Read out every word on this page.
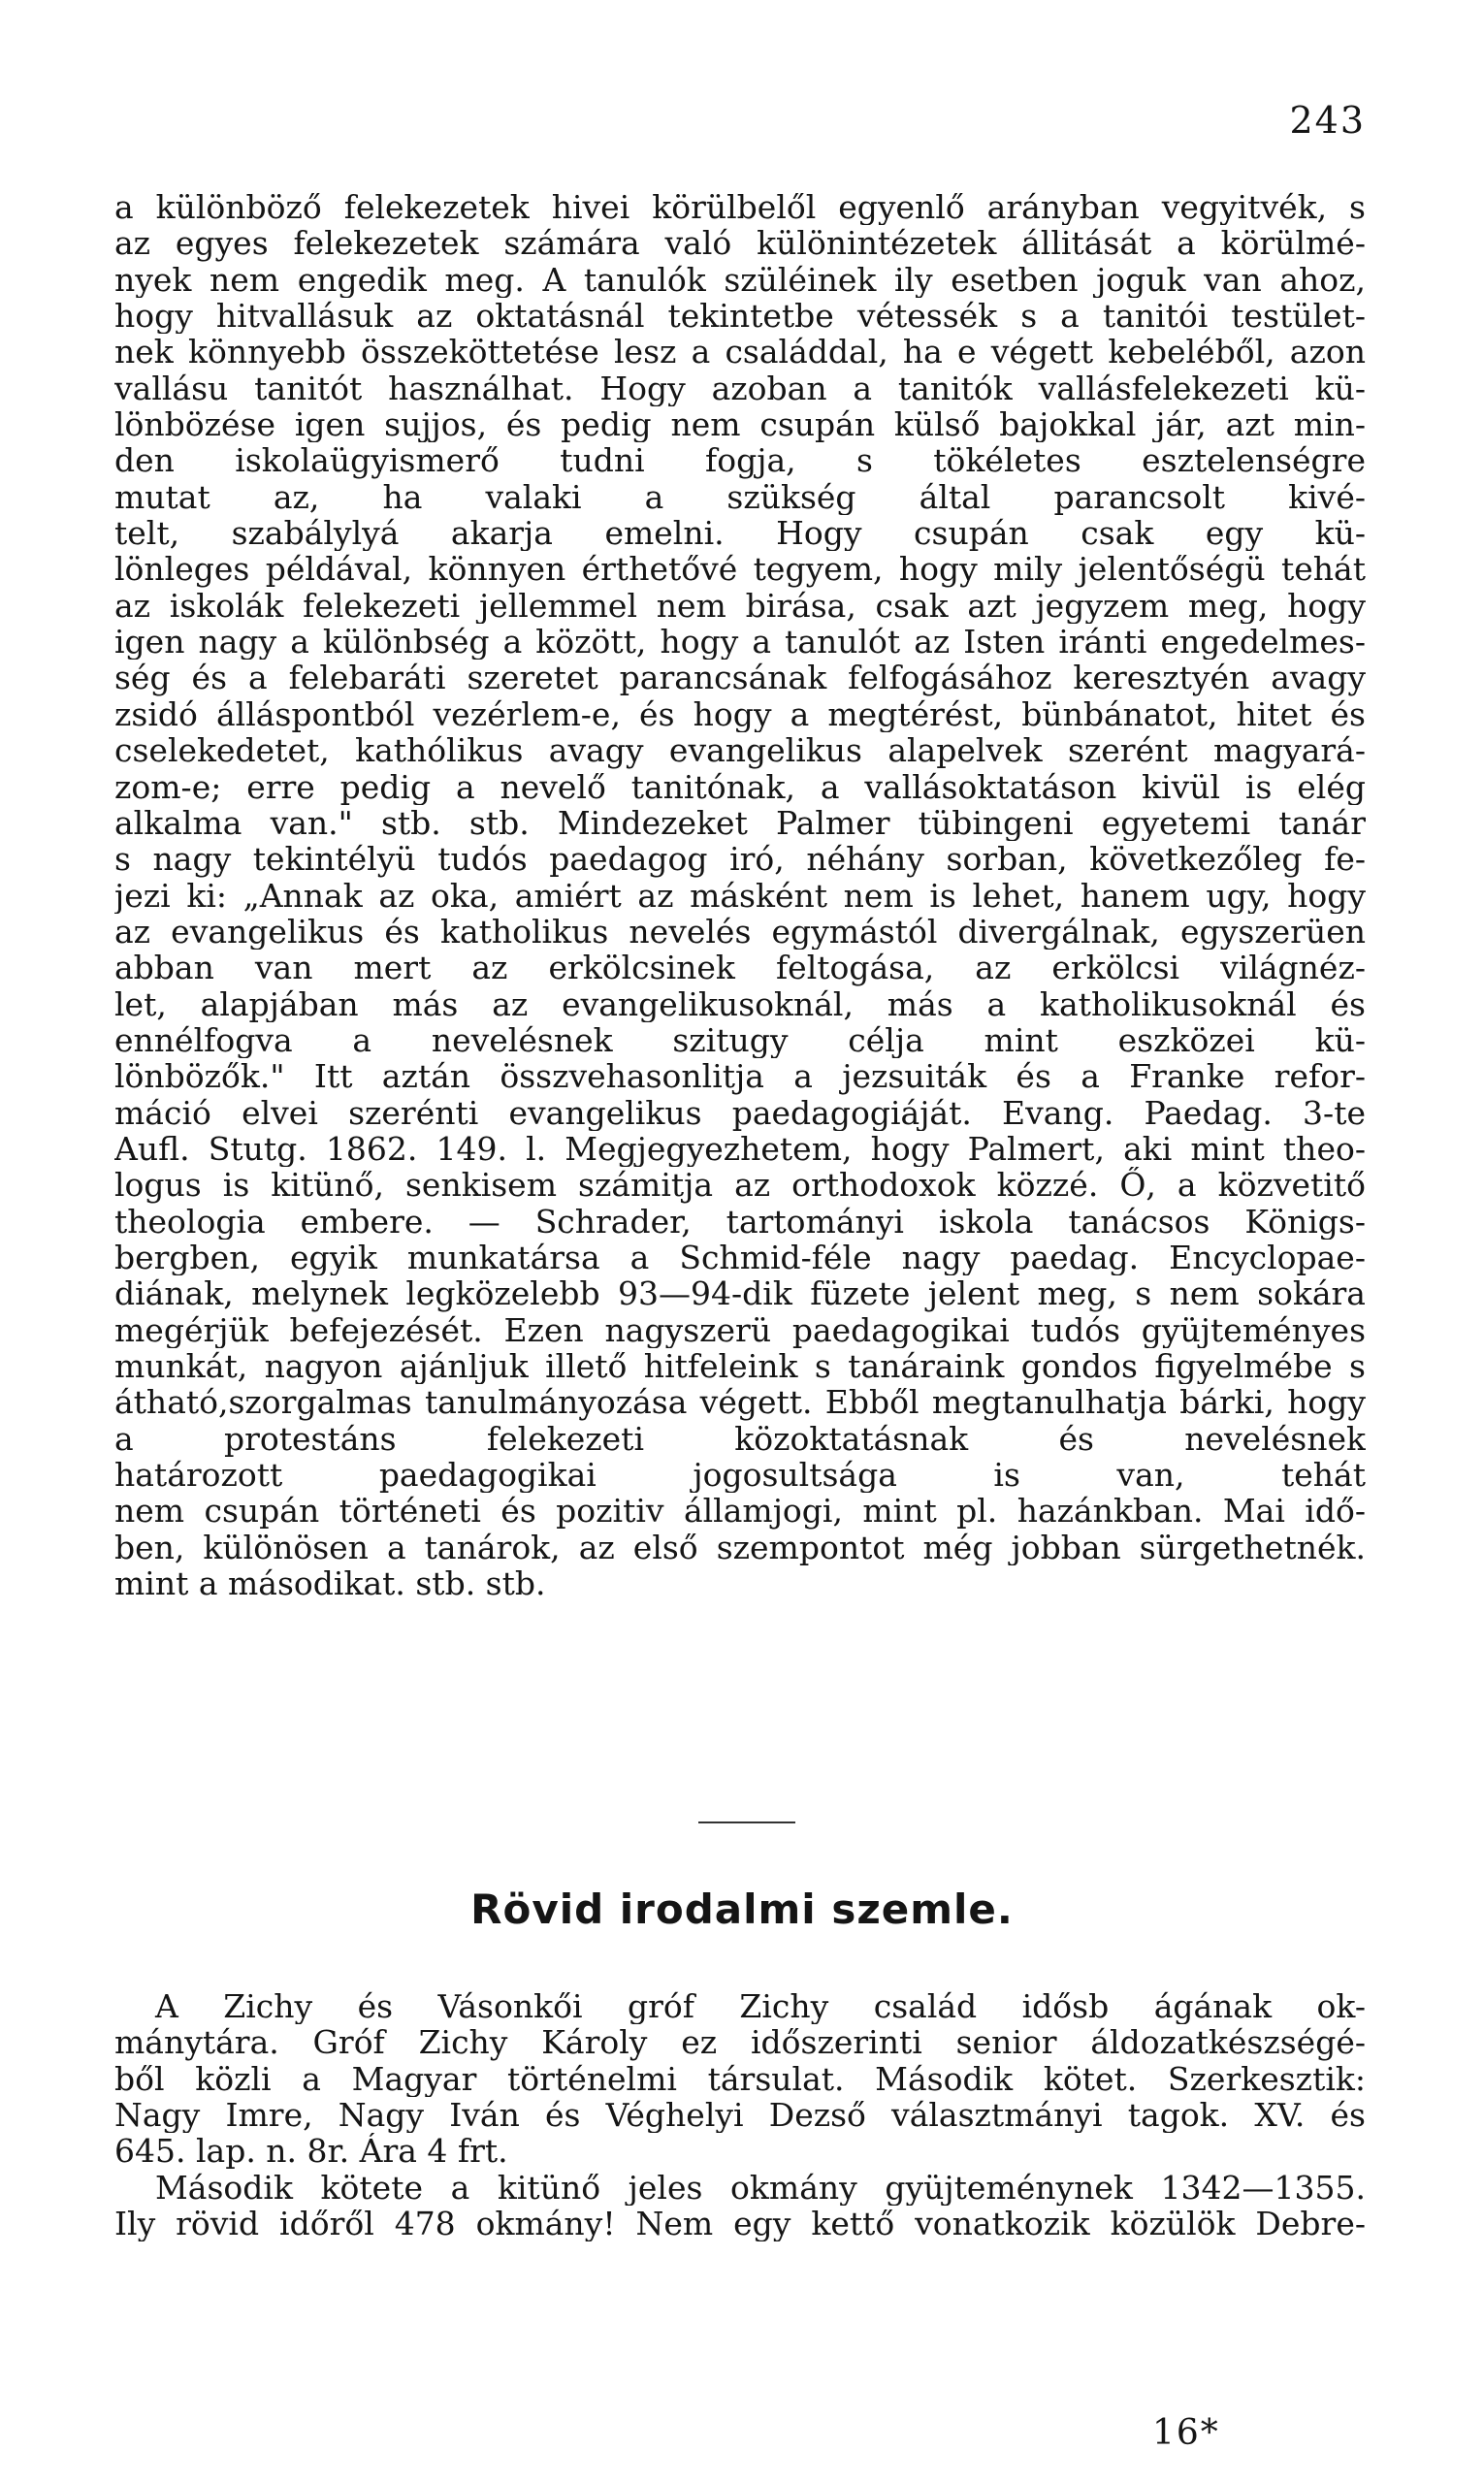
243
a különböző felekezetek hivei körülbelől egyenlő arányban vegyitvék, s
az egyes felekezetek számára való különintézetek állitását a körülmé-
nyek nem engedik meg. A tanulók szüléinek ily esetben joguk van ahoz,
hogy hitvallásuk az oktatásnál tekintetbe vétessék s a tanitói testület-
nek könnyebb összeköttetése lesz a családdal, ha e végett kebeléből, azon
vallásu tanitót használhat. Hogy azoban a tanitók vallásfelekezeti kü-
lönbözése igen sujjos, és pedig nem csupán külső bajokkal jár, azt min-
den iskolaügyismerő tudni fogja, s tökéletes esztelenségre
mutat az, ha valaki a szükség által parancsolt kivé-
telt, szabálylyá akarja emelni. Hogy csupán csak egy kü-
lönleges példával, könnyen érthetővé tegyem, hogy mily jelentőségü tehát
az iskolák felekezeti jellemmel nem birása, csak azt jegyzem meg, hogy
igen nagy a különbség a között, hogy a tanulót az Isten iránti engedelmes-
ség és a felebaráti szeretet parancsának felfogásához keresztyén avagy
zsidó álláspontból vezérlem-e, és hogy a megtérést, bünbánatot, hitet és
cselekedetet, kathólikus avagy evangelikus alapelvek szerént magyará-
zom-e; erre pedig a nevelő tanitónak, a vallásoktatáson kivül is elég
alkalma van." stb. stb. Mindezeket Palmer tübingeni egyetemi tanár
s nagy tekintélyü tudós paedagog iró, néhány sorban, következőleg fe-
jezi ki: „Annak az oka, amiért az másként nem is lehet, hanem ugy, hogy
az evangelikus és katholikus nevelés egymástól divergálnak, egyszerüen
abban van mert az erkölcsinek feltogása, az erkölcsi világnéz-
let, alapjában más az evangelikusoknál, más a katholikusoknál és
ennélfogva a nevelésnek szitugy célja mint eszközei kü-
lönbözők." Itt aztán összvehasonlitja a jezsuiták és a Franke refor-
máció elvei szerénti evangelikus paedagogiáját. Evang. Paedag. 3-te
Aufl. Stutg. 1862. 149. l. Megjegyezhetem, hogy Palmert, aki mint theo-
logus is kitünő, senkisem számitja az orthodoxok közzé. Ő, a közvetitő
theologia embere. — Schrader, tartományi iskola tanácsos Königs-
bergben, egyik munkatársa a Schmid-féle nagy paedag. Encyclopae-
diának, melynek legközelebb 93—94-dik füzete jelent meg, s nem sokára
megérjük befejezését. Ezen nagyszerü paedagogikai tudós gyüjteményes
munkát, nagyon ajánljuk illető hitfeleink s tanáraink gondos figyelmébe s
átható,szorgalmas tanulmányozása végett. Ebből megtanulhatja bárki, hogy
a protestáns felekezeti közoktatásnak és nevelésnek
határozott paedagogikai jogosultsága is van, tehát
nem csupán történeti és pozitiv államjogi, mint pl. hazánkban. Mai idő-
ben, különösen a tanárok, az első szempontot még jobban sürgethetnék.
mint a másodikat. stb. stb.
Rövid irodalmi szemle.
A Zichy és Vásonkői gróf Zichy család idősb ágának ok-
mánytára. Gróf Zichy Károly ez időszerinti senior áldozatkészségé-
ből közli a Magyar történelmi társulat. Második kötet. Szerkesztik:
Nagy Imre, Nagy Iván és Véghelyi Dezső választmányi tagok. XV. és
645. lap. n. 8r. Ára 4 frt.
Második kötete a kitünő jeles okmány gyüjteménynek 1342—1355.
Ily rövid időről 478 okmány! Nem egy kettő vonatkozik közülök Debre-
16*
